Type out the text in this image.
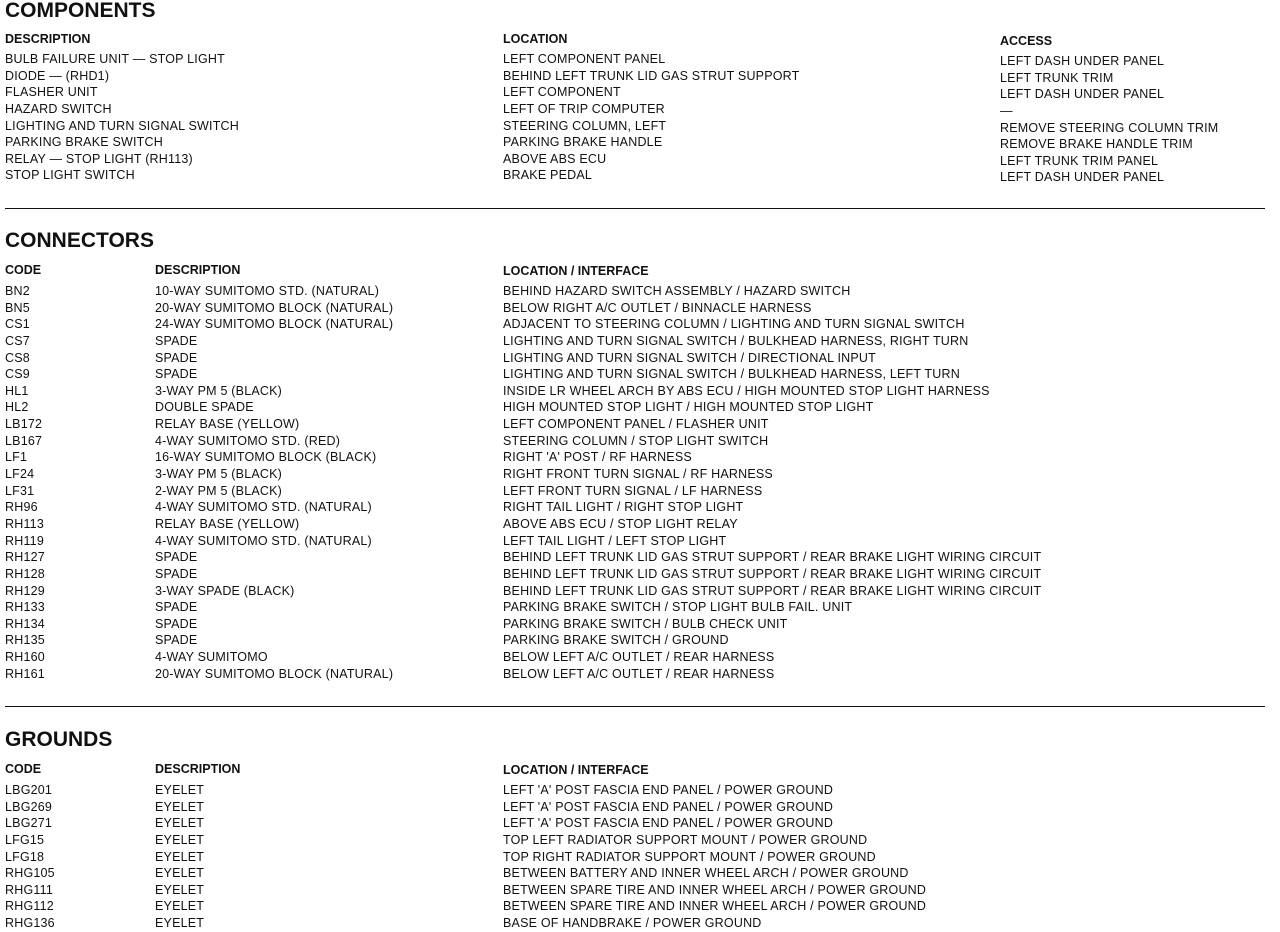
COMPONENTS
DESCRIPTION	LOCATION	ACCESS
BULB FAILURE UNIT — STOP LIGHT	LEFT COMPONENT PANEL	LEFT DASH UNDER PANEL
DIODE — (RHD1)	BEHIND LEFT TRUNK LID GAS STRUT SUPPORT	LEFT TRUNK TRIM
FLASHER UNIT	LEFT COMPONENT	LEFT DASH UNDER PANEL
HAZARD SWITCH	LEFT OF TRIP COMPUTER	—
LIGHTING AND TURN SIGNAL SWITCH	STEERING COLUMN, LEFT	REMOVE STEERING COLUMN TRIM
PARKING BRAKE SWITCH	PARKING BRAKE HANDLE	REMOVE BRAKE HANDLE TRIM
RELAY — STOP LIGHT (RH113)	ABOVE ABS ECU	LEFT TRUNK TRIM PANEL
STOP LIGHT SWITCH	BRAKE PEDAL	LEFT DASH UNDER PANEL
CONNECTORS
CODE	DESCRIPTION	LOCATION / INTERFACE
BN2	10-WAY SUMITOMO STD. (NATURAL)	BEHIND HAZARD SWITCH ASSEMBLY / HAZARD SWITCH
BN5	20-WAY SUMITOMO BLOCK (NATURAL)	BELOW RIGHT A/C OUTLET / BINNACLE HARNESS
CS1	24-WAY SUMITOMO BLOCK (NATURAL)	ADJACENT TO STEERING COLUMN / LIGHTING AND TURN SIGNAL SWITCH
CS7	SPADE	LIGHTING AND TURN SIGNAL SWITCH / BULKHEAD HARNESS, RIGHT TURN
CS8	SPADE	LIGHTING AND TURN SIGNAL SWITCH / DIRECTIONAL INPUT
CS9	SPADE	LIGHTING AND TURN SIGNAL SWITCH / BULKHEAD HARNESS, LEFT TURN
HL1	3-WAY PM 5 (BLACK)	INSIDE LR WHEEL ARCH BY ABS ECU / HIGH MOUNTED STOP LIGHT HARNESS
HL2	DOUBLE SPADE	HIGH MOUNTED STOP LIGHT / HIGH MOUNTED STOP LIGHT
LB172	RELAY BASE (YELLOW)	LEFT COMPONENT PANEL / FLASHER UNIT
LB167	4-WAY SUMITOMO STD. (RED)	STEERING COLUMN / STOP LIGHT SWITCH
LF1	16-WAY SUMITOMO BLOCK (BLACK)	RIGHT 'A' POST / RF HARNESS
LF24	3-WAY PM 5 (BLACK)	RIGHT FRONT TURN SIGNAL / RF HARNESS
LF31	2-WAY PM 5 (BLACK)	LEFT FRONT TURN SIGNAL / LF HARNESS
RH96	4-WAY SUMITOMO STD. (NATURAL)	RIGHT TAIL LIGHT / RIGHT STOP LIGHT
RH113	RELAY BASE (YELLOW)	ABOVE ABS ECU / STOP LIGHT RELAY
RH119	4-WAY SUMITOMO STD. (NATURAL)	LEFT TAIL LIGHT / LEFT STOP LIGHT
RH127	SPADE	BEHIND LEFT TRUNK LID GAS STRUT SUPPORT / REAR BRAKE LIGHT WIRING CIRCUIT
RH128	SPADE	BEHIND LEFT TRUNK LID GAS STRUT SUPPORT / REAR BRAKE LIGHT WIRING CIRCUIT
RH129	3-WAY SPADE (BLACK)	BEHIND LEFT TRUNK LID GAS STRUT SUPPORT / REAR BRAKE LIGHT WIRING CIRCUIT
RH133	SPADE	PARKING BRAKE SWITCH / STOP LIGHT BULB FAIL. UNIT
RH134	SPADE	PARKING BRAKE SWITCH / BULB CHECK UNIT
RH135	SPADE	PARKING BRAKE SWITCH / GROUND
RH160	4-WAY SUMITOMO	BELOW LEFT A/C OUTLET / REAR HARNESS
RH161	20-WAY SUMITOMO BLOCK (NATURAL)	BELOW LEFT A/C OUTLET / REAR HARNESS
GROUNDS
CODE	DESCRIPTION	LOCATION / INTERFACE
LBG201	EYELET	LEFT 'A' POST FASCIA END PANEL / POWER GROUND
LBG269	EYELET	LEFT 'A' POST FASCIA END PANEL / POWER GROUND
LBG271	EYELET	LEFT 'A' POST FASCIA END PANEL / POWER GROUND
LFG15	EYELET	TOP LEFT RADIATOR SUPPORT MOUNT / POWER GROUND
LFG18	EYELET	TOP RIGHT RADIATOR SUPPORT MOUNT / POWER GROUND
RHG105	EYELET	BETWEEN BATTERY AND INNER WHEEL ARCH / POWER GROUND
RHG111	EYELET	BETWEEN SPARE TIRE AND INNER WHEEL ARCH / POWER GROUND
RHG112	EYELET	BETWEEN SPARE TIRE AND INNER WHEEL ARCH / POWER GROUND
RHG136	EYELET	BASE OF HANDBRAKE / POWER GROUND
